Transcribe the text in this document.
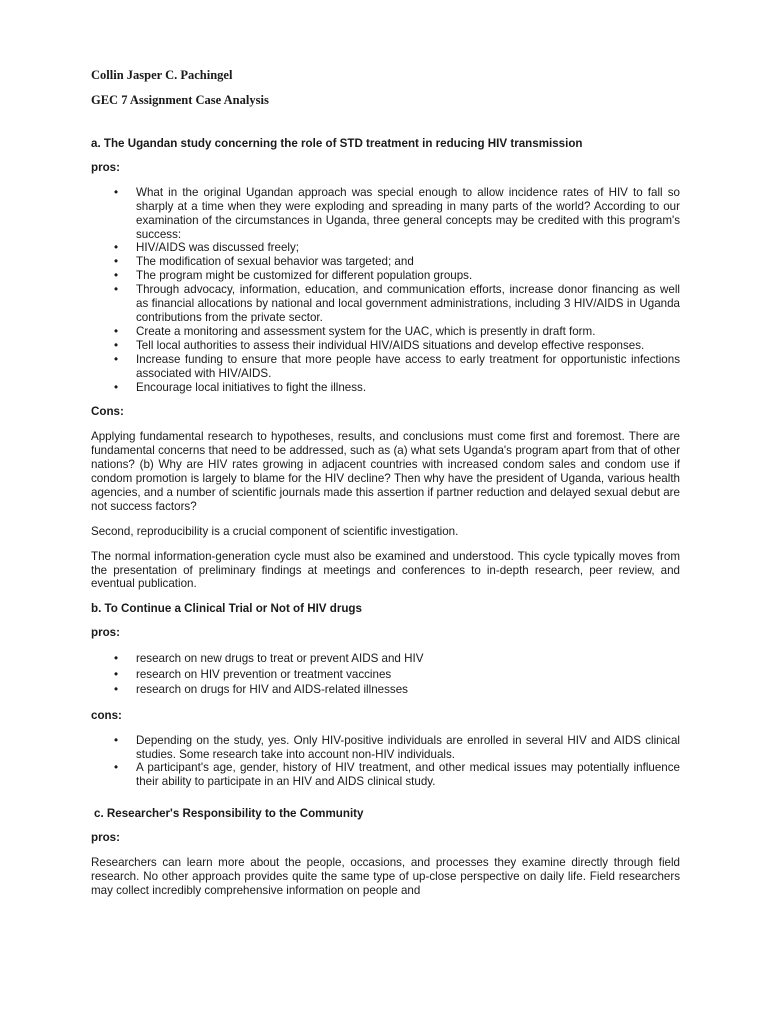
Collin Jasper C. Pachingel
GEC 7 Assignment Case Analysis
a. The Ugandan study concerning the role of STD treatment in reducing HIV transmission
pros:
• What in the original Ugandan approach was special enough to allow incidence rates of HIV to fall so sharply at a time when they were exploding and spreading in many parts of the world? According to our examination of the circumstances in Uganda, three general concepts may be credited with this program's success:
• HIV/AIDS was discussed freely;
• The modification of sexual behavior was targeted; and
• The program might be customized for different population groups.
• Through advocacy, information, education, and communication efforts, increase donor financing as well as financial allocations by national and local government administrations, including 3 HIV/AIDS in Uganda contributions from the private sector.
• Create a monitoring and assessment system for the UAC, which is presently in draft form.
• Tell local authorities to assess their individual HIV/AIDS situations and develop effective responses.
• Increase funding to ensure that more people have access to early treatment for opportunistic infections associated with HIV/AIDS.
• Encourage local initiatives to fight the illness.
Cons:

Applying fundamental research to hypotheses, results, and conclusions must come first and foremost. There are fundamental concerns that need to be addressed, such as (a) what sets Uganda's program apart from that of other nations? (b) Why are HIV rates growing in adjacent countries with increased condom sales and condom use if condom promotion is largely to blame for the HIV decline? Then why have the president of Uganda, various health agencies, and a number of scientific journals made this assertion if partner reduction and delayed sexual debut are not success factors?

Second, reproducibility is a crucial component of scientific investigation.

The normal information-generation cycle must also be examined and understood. This cycle typically moves from the presentation of preliminary findings at meetings and conferences to in-depth research, peer review, and eventual publication.

b. To Continue a Clinical Trial or Not of HIV drugs
pros:
• research on new drugs to treat or prevent AIDS and HIV
• research on HIV prevention or treatment vaccines
• research on drugs for HIV and AIDS-related illnesses
cons:
• Depending on the study, yes. Only HIV-positive individuals are enrolled in several HIV and AIDS clinical studies. Some research take into account non-HIV individuals.
• A participant's age, gender, history of HIV treatment, and other medical issues may potentially influence their ability to participate in an HIV and AIDS clinical study.
c. Researcher's Responsibility to the Community
pros:

Researchers can learn more about the people, occasions, and processes they examine directly through field research. No other approach provides quite the same type of up-close perspective on daily life. Field researchers may collect incredibly comprehensive information on people and
